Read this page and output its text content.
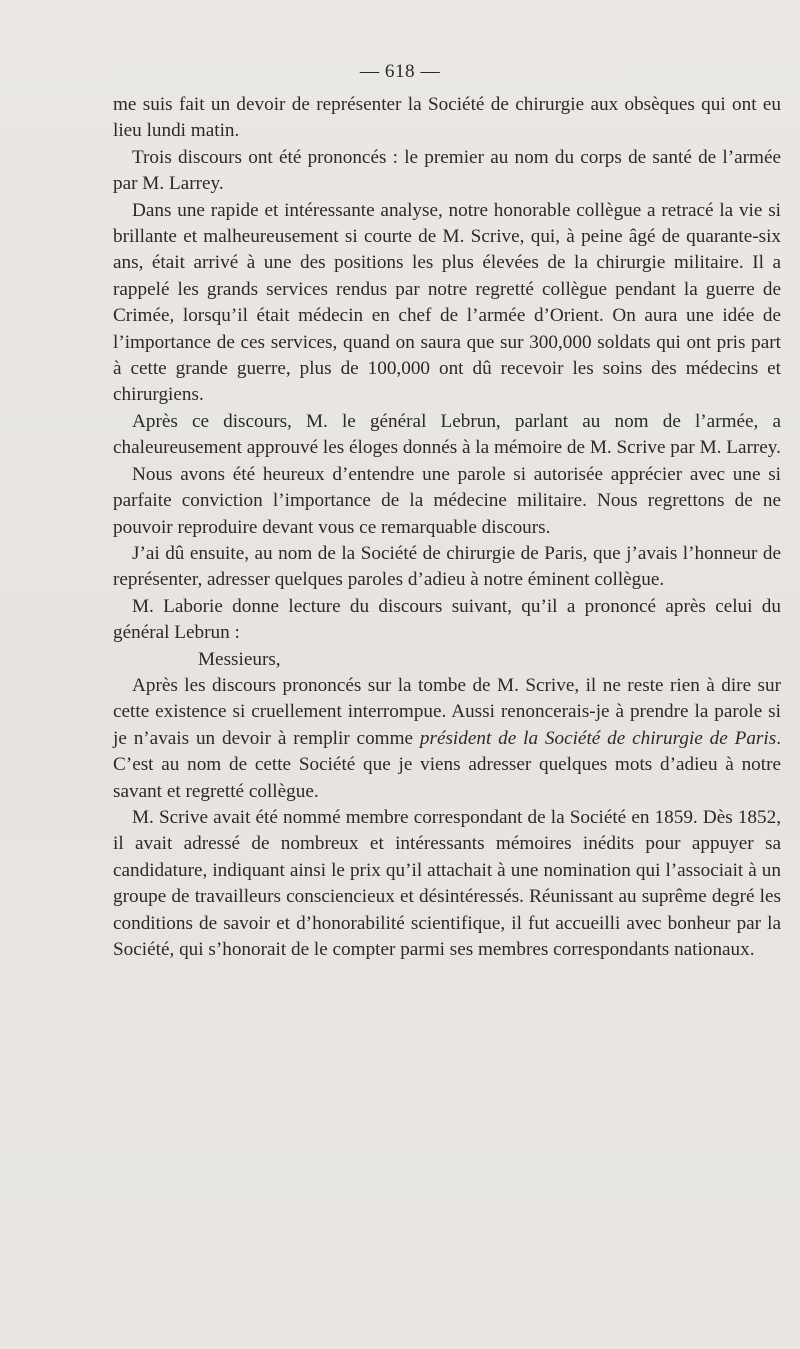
— 618 —

me suis fait un devoir de représenter la Société de chirurgie aux obsèques qui ont eu lieu lundi matin.

Trois discours ont été prononcés : le premier au nom du corps de santé de l’armée par M. Larrey.

Dans une rapide et intéressante analyse, notre honorable collègue a retracé la vie si brillante et malheureusement si courte de M. Scrive, qui, à peine âgé de quarante-six ans, était arrivé à une des positions les plus élevées de la chirurgie militaire. Il a rappelé les grands services rendus par notre regretté collègue pendant la guerre de Crimée, lorsqu’il était médecin en chef de l’armée d’Orient. On aura une idée de l’importance de ces services, quand on saura que sur 300,000 soldats qui ont pris part à cette grande guerre, plus de 100,000 ont dû recevoir les soins des médecins et chirurgiens.

Après ce discours, M. le général Lebrun, parlant au nom de l’armée, a chaleureusement approuvé les éloges donnés à la mémoire de M. Scrive par M. Larrey.

Nous avons été heureux d’entendre une parole si autorisée apprécier avec une si parfaite conviction l’importance de la médecine militaire. Nous regrettons de ne pouvoir reproduire devant vous ce remarquable discours.

J’ai dû ensuite, au nom de la Société de chirurgie de Paris, que j’avais l’honneur de représenter, adresser quelques paroles d’adieu à notre éminent collègue.

M. Laborie donne lecture du discours suivant, qu’il a prononcé après celui du général Lebrun :

Messieurs,

Après les discours prononcés sur la tombe de M. Scrive, il ne reste rien à dire sur cette existence si cruellement interrompue. Aussi renoncerais-je à prendre la parole si je n’avais un devoir à remplir comme président de la Société de chirurgie de Paris. C’est au nom de cette Société que je viens adresser quelques mots d’adieu à notre savant et regretté collègue.

M. Scrive avait été nommé membre correspondant de la Société en 1859. Dès 1852, il avait adressé de nombreux et intéressants mémoires inédits pour appuyer sa candidature, indiquant ainsi le prix qu’il attachait à une nomination qui l’associait à un groupe de travailleurs consciencieux et désintéressés. Réunissant au suprême degré les conditions de savoir et d’honorabilité scientifique, il fut accueilli avec bonheur par la Société, qui s’honorait de le compter parmi ses membres correspondants nationaux.
